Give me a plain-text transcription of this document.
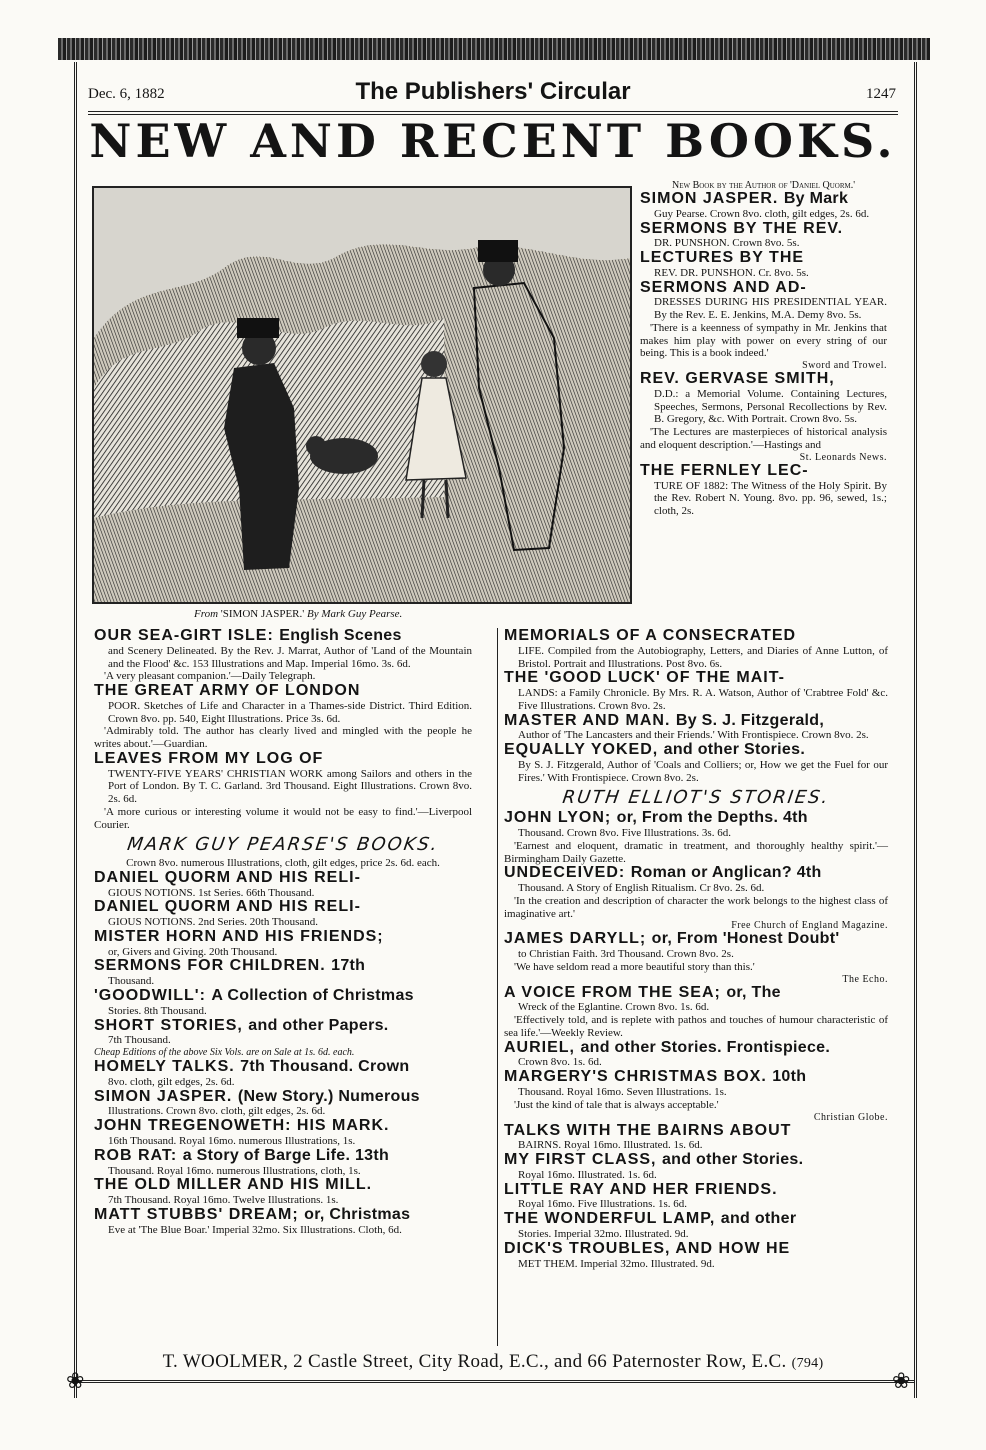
Dec. 6, 1882	The Publishers' Circular	1247
NEW AND RECENT BOOKS.
From 'SIMON JASPER.' By Mark Guy Pearse.
New Book by the Author of 'Daniel Quorm.'
SIMON JASPER. By Mark
Guy Pearse. Crown 8vo. cloth, gilt edges, 2s. 6d.
SERMONS BY THE REV.
DR. PUNSHON. Crown 8vo. 5s.
LECTURES BY THE
REV. DR. PUNSHON. Cr. 8vo. 5s.
SERMONS AND AD-
DRESSES DURING HIS PRESIDENTIAL YEAR. By the Rev. E. E. Jenkins, M.A. Demy 8vo. 5s.
'There is a keenness of sympathy in Mr. Jenkins that makes him play with power on every string of our being. This is a book indeed.'
Sword and Trowel.
REV. GERVASE SMITH,
D.D.: a Memorial Volume. Containing Lectures, Speeches, Sermons, Personal Recollections by Rev. B. Gregory, &c. With Portrait. Crown 8vo. 5s.
'The Lectures are masterpieces of historical analysis and eloquent description.'—Hastings and
St. Leonards News.
THE FERNLEY LEC-
TURE OF 1882: The Witness of the Holy Spirit. By the Rev. Robert N. Young. 8vo. pp. 96, sewed, 1s.; cloth, 2s.
OUR SEA-GIRT ISLE: English Scenes
and Scenery Delineated. By the Rev. J. Marrat, Author of 'Land of the Mountain and the Flood' &c. 153 Illustrations and Map. Imperial 16mo. 3s. 6d.
'A very pleasant companion.'—Daily Telegraph.
THE GREAT ARMY OF LONDON
POOR. Sketches of Life and Character in a Thames-side District. Third Edition. Crown 8vo. pp. 540, Eight Illustrations. Price 3s. 6d.
'Admirably told. The author has clearly lived and mingled with the people he writes about.'—Guardian.
LEAVES FROM MY LOG OF
TWENTY-FIVE YEARS' CHRISTIAN WORK among Sailors and others in the Port of London. By T. C. Garland. 3rd Thousand. Eight Illustrations. Crown 8vo. 2s. 6d.
'A more curious or interesting volume it would not be easy to find.'—Liverpool Courier.
MARK GUY PEARSE'S BOOKS.
Crown 8vo. numerous Illustrations, cloth, gilt edges, price 2s. 6d. each.
DANIEL QUORM AND HIS RELI-
GIOUS NOTIONS. 1st Series. 66th Thousand.
DANIEL QUORM AND HIS RELI-
GIOUS NOTIONS. 2nd Series. 20th Thousand.
MISTER HORN AND HIS FRIENDS;
or, Givers and Giving. 20th Thousand.
SERMONS FOR CHILDREN. 17th
Thousand.
'GOODWILL': A Collection of Christmas
Stories. 8th Thousand.
SHORT STORIES, and other Papers.
7th Thousand.
Cheap Editions of the above Six Vols. are on Sale at 1s. 6d. each.
HOMELY TALKS. 7th Thousand. Crown
8vo. cloth, gilt edges, 2s. 6d.
SIMON JASPER. (New Story.) Numerous
Illustrations. Crown 8vo. cloth, gilt edges, 2s. 6d.
JOHN TREGENOWETH: HIS MARK.
16th Thousand. Royal 16mo. numerous Illustrations, 1s.
ROB RAT: a Story of Barge Life. 13th
Thousand. Royal 16mo. numerous Illustrations, cloth, 1s.
THE OLD MILLER AND HIS MILL.
7th Thousand. Royal 16mo. Twelve Illustrations. 1s.
MATT STUBBS' DREAM; or, Christmas
Eve at 'The Blue Boar.' Imperial 32mo. Six Illustrations. Cloth, 6d.
MEMORIALS OF A CONSECRATED
LIFE. Compiled from the Autobiography, Letters, and Diaries of Anne Lutton, of Bristol. Portrait and Illustrations. Post 8vo. 6s.
THE 'GOOD LUCK' OF THE MAIT-
LANDS: a Family Chronicle. By Mrs. R. A. Watson, Author of 'Crabtree Fold' &c. Five Illustrations. Crown 8vo. 2s.
MASTER AND MAN. By S. J. Fitzgerald,
Author of 'The Lancasters and their Friends.' With Frontispiece. Crown 8vo. 2s.
EQUALLY YOKED, and other Stories.
By S. J. Fitzgerald, Author of 'Coals and Colliers; or, How we get the Fuel for our Fires.' With Frontispiece. Crown 8vo. 2s.
RUTH ELLIOT'S STORIES.
JOHN LYON; or, From the Depths. 4th
Thousand. Crown 8vo. Five Illustrations. 3s. 6d.
'Earnest and eloquent, dramatic in treatment, and thoroughly healthy spirit.'—Birmingham Daily Gazette.
UNDECEIVED: Roman or Anglican? 4th
Thousand. A Story of English Ritualism. Cr 8vo. 2s. 6d.
'In the creation and description of character the work belongs to the highest class of imaginative art.'
Free Church of England Magazine.
JAMES DARYLL; or, From 'Honest Doubt'
to Christian Faith. 3rd Thousand. Crown 8vo. 2s.
'We have seldom read a more beautiful story than this.'
The Echo.
A VOICE FROM THE SEA; or, The
Wreck of the Eglantine. Crown 8vo. 1s. 6d.
'Effectively told, and is replete with pathos and touches of humour characteristic of sea life.'—Weekly Review.
AURIEL, and other Stories. Frontispiece.
Crown 8vo. 1s. 6d.
MARGERY'S CHRISTMAS BOX. 10th
Thousand. Royal 16mo. Seven Illustrations. 1s.
'Just the kind of tale that is always acceptable.'
Christian Globe.
TALKS WITH THE BAIRNS ABOUT
BAIRNS. Royal 16mo. Illustrated. 1s. 6d.
MY FIRST CLASS, and other Stories.
Royal 16mo. Illustrated. 1s. 6d.
LITTLE RAY AND HER FRIENDS.
Royal 16mo. Five Illustrations. 1s. 6d.
THE WONDERFUL LAMP, and other
Stories. Imperial 32mo. Illustrated. 9d.
DICK'S TROUBLES, AND HOW HE
MET THEM. Imperial 32mo. Illustrated. 9d.
T. WOOLMER, 2 Castle Street, City Road, E.C., and 66 Paternoster Row, E.C. (794)
❀	❀
